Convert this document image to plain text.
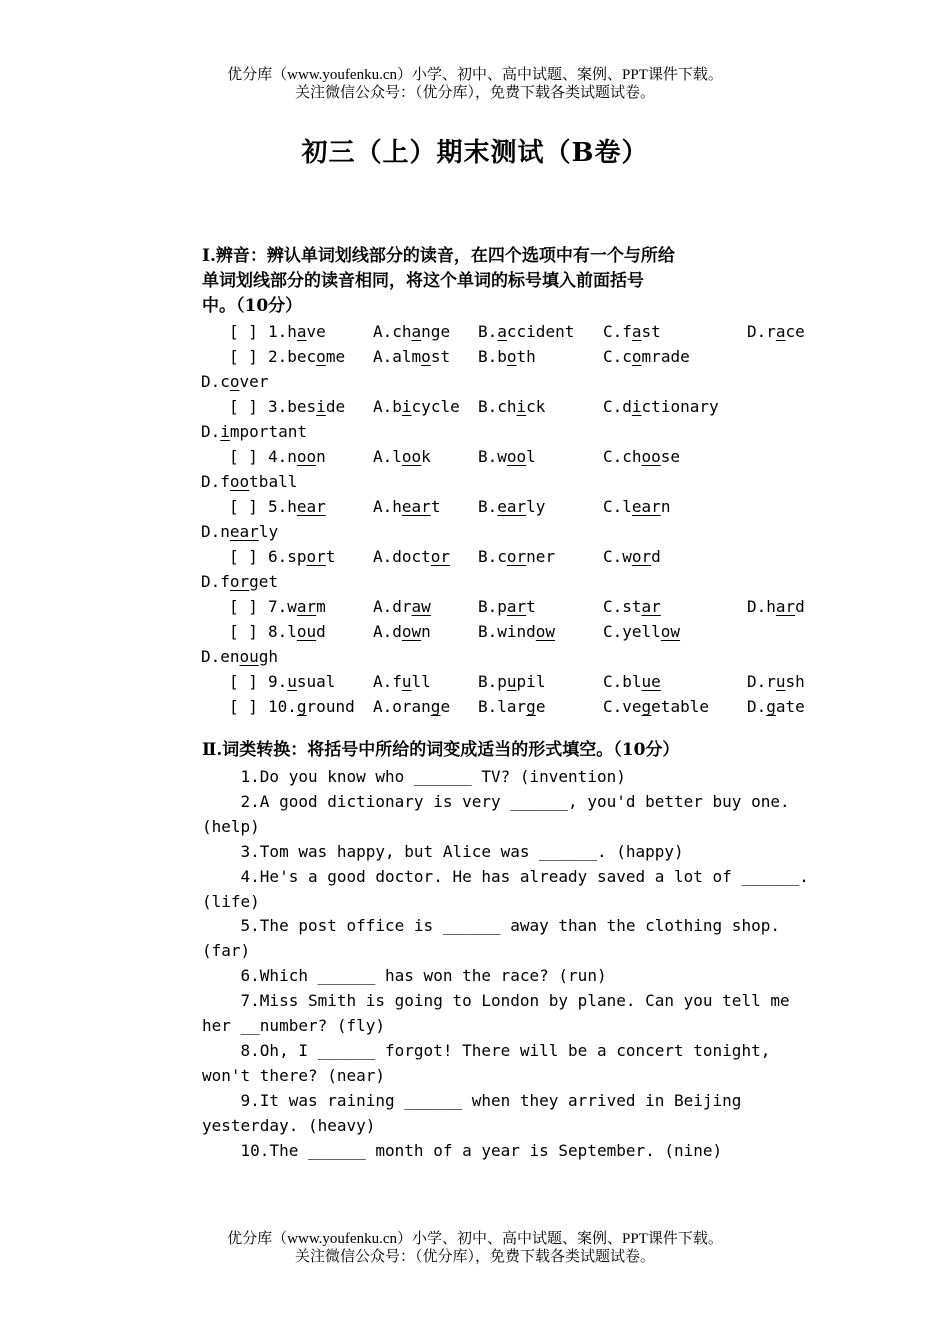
优分库（www.youfenku.cn）小学、初中、高中试题、案例、PPT课件下载。
关注微信公众号：（优分库），免费下载各类试题试卷。
初三（上）期末测试（B卷）
Ⅰ.辨音：辨认单词划线部分的读音，在四个选项中有一个与所给
单词划线部分的读音相同，将这个单词的标号填入前面括号
中。（10分）
[ ] 1.have	A.change B.accident C.fast	D.race
[ ] 2.become A.almost B.both	C.comrade
D.cover
[ ] 3.beside A.bicycle B.chick	C.dictionary
D.important
[ ] 4.noon	A.look	B.wool	C.choose
D.football
[ ] 5.hear	A.heart B.early	C.learn
D.nearly
[ ] 6.sport A.doctor B.corner	C.word
D.forget
[ ] 7.warm	A.draw	B.part	C.star	D.hard
[ ] 8.loud	A.down	B.window	C.yellow
D.enough
[ ] 9.usual A.full	B.pupil	C.blue	D.rush
[ ] 10.ground A.orange B.large	C.vegetable D.gate
Ⅱ.词类转换：将括号中所给的词变成适当的形式填空。（10分）
1.Do you know who ______ TV? (invention)
2.A good dictionary is very ______, you'd better buy one.
(help)
3.Tom was happy, but Alice was ______. (happy)
4.He's a good doctor. He has already saved a lot of ______.
(life)
5.The post office is ______ away than the clothing shop.
(far)
6.Which ______ has won the race? (run)
7.Miss Smith is going to London by plane. Can you tell me
her __number? (fly)
8.Oh, I ______ forgot! There will be a concert tonight,
won't there? (near)
9.It was raining ______ when they arrived in Beijing
yesterday. (heavy)
10.The ______ month of a year is September. (nine)
优分库（www.youfenku.cn）小学、初中、高中试题、案例、PPT课件下载。
关注微信公众号：（优分库），免费下载各类试题试卷。
